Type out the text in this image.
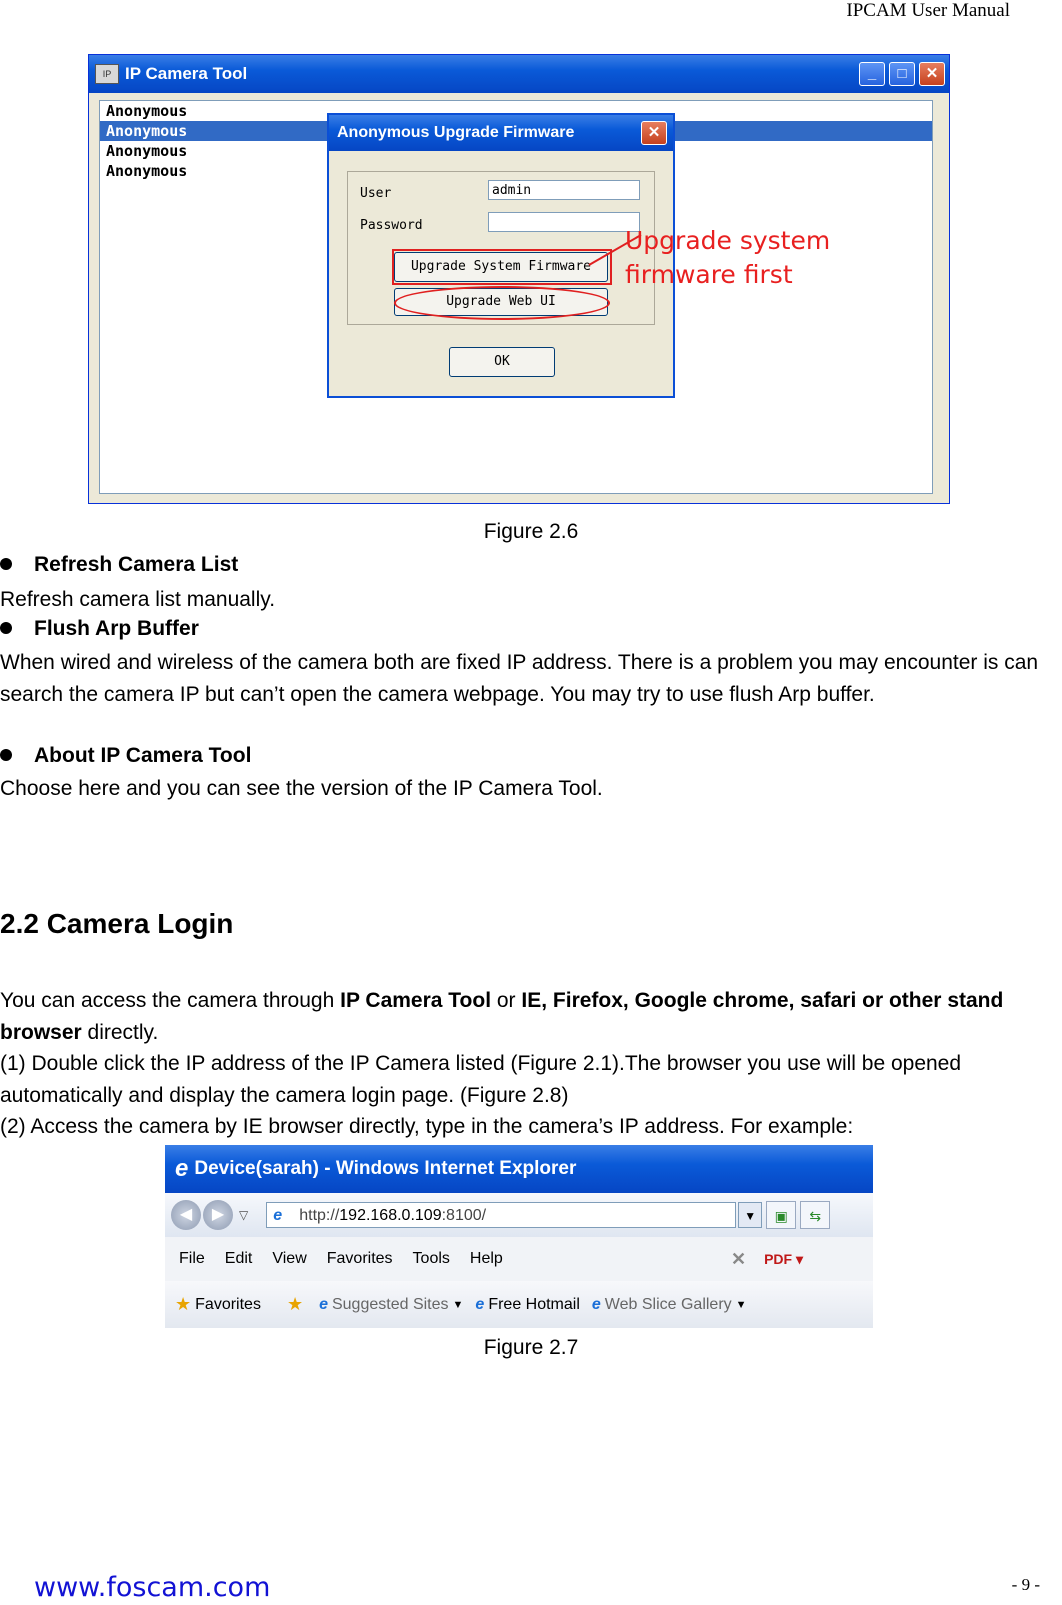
IPCAM User Manual
IP IP Camera Tool	_	□	✕
Anonymous
Anonymous
Anonymous
Anonymous
Anonymous Upgrade Firmware	✕
User	admin
Password
Upgrade System Firmware
Upgrade Web UI
OK
Upgrade system
firmware first
Figure 2.6
Refresh Camera List
Refresh camera list manually.
Flush Arp Buffer
When wired and wireless of the camera both are fixed IP address. There is a problem you may encounter is can search the camera IP but can’t open the camera webpage. You may try to use flush Arp buffer.
About IP Camera Tool
Choose here and you can see the version of the IP Camera Tool.
2.2 Camera Login
You can access the camera through IP Camera Tool or IE, Firefox, Google chrome, safari or other stand browser directly.
(1) Double click the IP address of the IP Camera listed (Figure 2.1).The browser you use will be opened automatically and display the camera login page. (Figure 2.8)
(2) Access the camera by IE browser directly, type in the camera’s IP address. For example:
e Device(sarah) - Windows Internet Explorer
◀	▶	▽ e http://192.168.0.109:8100/	▼	▣	⇆
File Edit View Favorites Tools Help	✕ PDF ▾
★ Favorites ★ e Suggested Sites ▼ e Free Hotmail e Web Slice Gallery ▼
Figure 2.7
www.foscam.com	- 9 -
